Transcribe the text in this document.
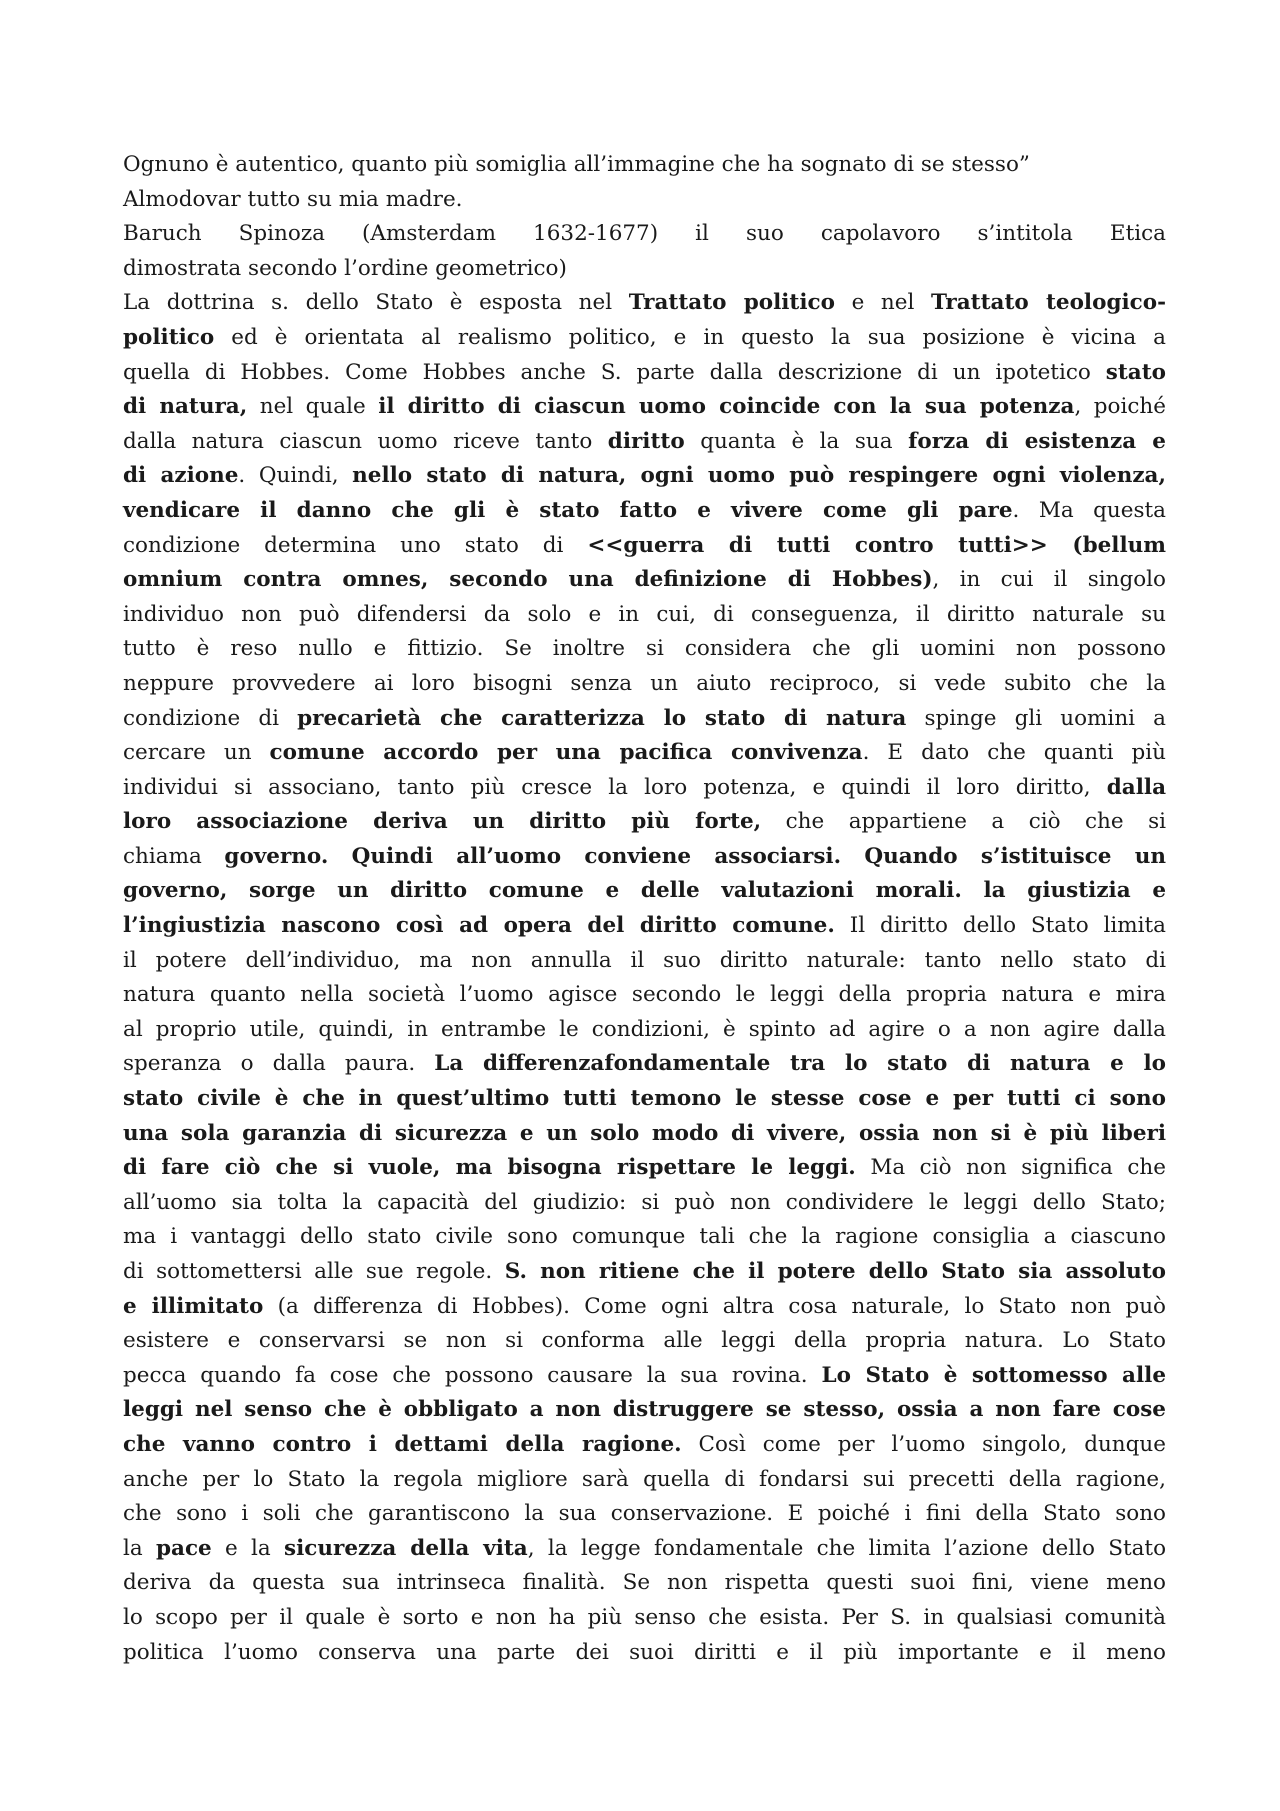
Ognuno è autentico, quanto più somiglia all’immagine che ha sognato di se stesso”
Almodovar tutto su mia madre.
Baruch Spinoza (Amsterdam 1632-1677) il suo capolavoro s’intitola Etica
dimostrata secondo l’ordine geometrico)
La dottrina s. dello Stato è esposta nel Trattato politico e nel Trattato teologico-
politico ed è orientata al realismo politico, e in questo la sua posizione è vicina a
quella di Hobbes. Come Hobbes anche S. parte dalla descrizione di un ipotetico stato
di natura, nel quale il diritto di ciascun uomo coincide con la sua potenza, poiché
dalla natura ciascun uomo riceve tanto diritto quanta è la sua forza di esistenza e
di azione. Quindi, nello stato di natura, ogni uomo può respingere ogni violenza,
vendicare il danno che gli è stato fatto e vivere come gli pare. Ma questa
condizione determina uno stato di <<guerra di tutti contro tutti>> (bellum
omnium contra omnes, secondo una definizione di Hobbes), in cui il singolo
individuo non può difendersi da solo e in cui, di conseguenza, il diritto naturale su
tutto è reso nullo e fittizio. Se inoltre si considera che gli uomini non possono
neppure provvedere ai loro bisogni senza un aiuto reciproco, si vede subito che la
condizione di precarietà che caratterizza lo stato di natura spinge gli uomini a
cercare un comune accordo per una pacifica convivenza. E dato che quanti più
individui si associano, tanto più cresce la loro potenza, e quindi il loro diritto, dalla
loro associazione deriva un diritto più forte, che appartiene a ciò che si
chiama governo. Quindi all’uomo conviene associarsi. Quando s’istituisce un
governo, sorge un diritto comune e delle valutazioni morali. la giustizia e
l’ingiustizia nascono così ad opera del diritto comune. Il diritto dello Stato limita
il potere dell’individuo, ma non annulla il suo diritto naturale: tanto nello stato di
natura quanto nella società l’uomo agisce secondo le leggi della propria natura e mira
al proprio utile, quindi, in entrambe le condizioni, è spinto ad agire o a non agire dalla
speranza o dalla paura. La differenzafondamentale tra lo stato di natura e lo
stato civile è che in quest’ultimo tutti temono le stesse cose e per tutti ci sono
una sola garanzia di sicurezza e un solo modo di vivere, ossia non si è più liberi
di fare ciò che si vuole, ma bisogna rispettare le leggi. Ma ciò non significa che
all’uomo sia tolta la capacità del giudizio: si può non condividere le leggi dello Stato;
ma i vantaggi dello stato civile sono comunque tali che la ragione consiglia a ciascuno
di sottomettersi alle sue regole. S. non ritiene che il potere dello Stato sia assoluto
e illimitato (a differenza di Hobbes). Come ogni altra cosa naturale, lo Stato non può
esistere e conservarsi se non si conforma alle leggi della propria natura. Lo Stato
pecca quando fa cose che possono causare la sua rovina. Lo Stato è sottomesso alle
leggi nel senso che è obbligato a non distruggere se stesso, ossia a non fare cose
che vanno contro i dettami della ragione. Così come per l’uomo singolo, dunque
anche per lo Stato la regola migliore sarà quella di fondarsi sui precetti della ragione,
che sono i soli che garantiscono la sua conservazione. E poiché i fini della Stato sono
la pace e la sicurezza della vita, la legge fondamentale che limita l’azione dello Stato
deriva da questa sua intrinseca finalità. Se non rispetta questi suoi fini, viene meno
lo scopo per il quale è sorto e non ha più senso che esista. Per S. in qualsiasi comunità
politica l’uomo conserva una parte dei suoi diritti e il più importante e il meno
